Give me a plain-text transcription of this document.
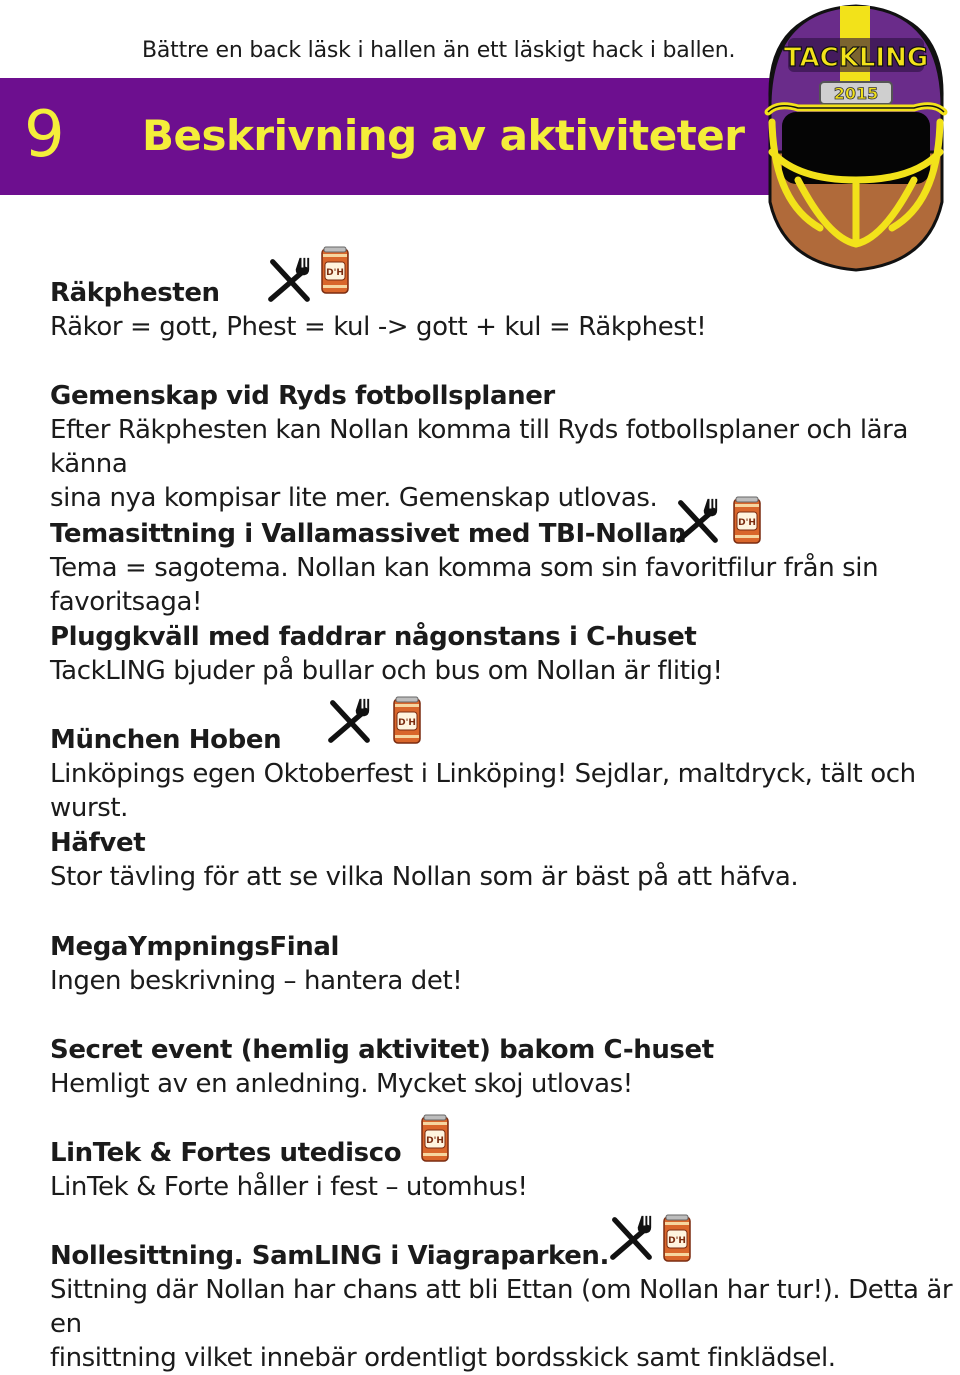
Bättre en back läsk i hallen än ett läskigt hack i ballen.
9 Beskrivning av aktiviteter
TACKLING
2015
Räkphesten
Räkor = gott, Phest = kul -> gott + kul = Räkphest!
Gemenskap vid Ryds fotbollsplaner
Efter Räkphesten kan Nollan komma till Ryds fotbollsplaner och lära känna
sina nya kompisar lite mer. Gemenskap utlovas.
Temasittning i Vallamassivet med TBI-Nollan
Tema = sagotema. Nollan kan komma som sin favoritfilur från sin favoritsaga!
Pluggkväll med faddrar någonstans i C-huset
TackLING bjuder på bullar och bus om Nollan är flitig!
München Hoben
Linköpings egen Oktoberfest i Linköping! Sejdlar, maltdryck, tält och wurst.
Häfvet
Stor tävling för att se vilka Nollan som är bäst på att häfva.
MegaYmpningsFinal
Ingen beskrivning – hantera det!
Secret event (hemlig aktivitet) bakom C-huset
Hemligt av en anledning. Mycket skoj utlovas!
LinTek & Fortes utedisco
LinTek & Forte håller i fest – utomhus!
Nollesittning. SamLING i Viagraparken.
Sittning där Nollan har chans att bli Ettan (om Nollan har tur!). Detta är en
finsittning vilket innebär ordentligt bordsskick samt finklädsel.
